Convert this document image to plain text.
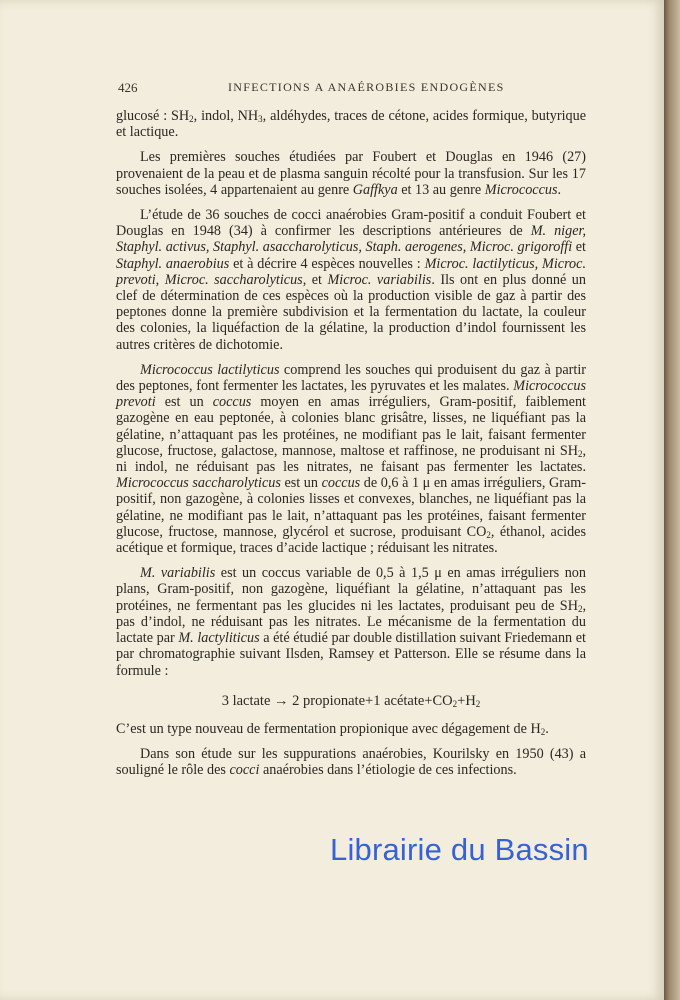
426	INFECTIONS A ANAÉROBIES ENDOGÈNES

glucosé : $SH_2$, indol, $NH_3$, aldéhydes, traces de cétone, acides formique, butyrique et lactique.

Les premières souches étudiées par Foubert et Douglas en 1946 (27) provenaient de la peau et de plasma sanguin récolté pour la transfusion. Sur les 17 souches isolées, 4 appartenaient au genre Gaffkya et 13 au genre Micrococcus.

L’étude de 36 souches de cocci anaérobies Gram-positif a conduit Foubert et Douglas en 1948 (34) à confirmer les descriptions antérieures de M. niger, Staphyl. activus, Staphyl. asaccharolyticus, Staph. aerogenes, Microc. grigoroffi et Staphyl. anaerobius et à décrire 4 espèces nouvelles : Microc. lactilyticus, Microc. prevoti, Microc. saccharolyticus, et Microc. variabilis. Ils ont en plus donné un clef de détermination de ces espèces où la production visible de gaz à partir des peptones donne la première subdivision et la fermentation du lactate, la couleur des colonies, la liquéfaction de la gélatine, la production d’indol fournissent les autres critères de dichotomie.

Micrococcus lactilyticus comprend les souches qui produisent du gaz à partir des peptones, font fermenter les lactates, les pyruvates et les malates. Micrococcus prevoti est un coccus moyen en amas irréguliers, Gram-positif, faiblement gazogène en eau peptonée, à colonies blanc grisâtre, lisses, ne liquéfiant pas la gélatine, n’attaquant pas les protéines, ne modifiant pas le lait, faisant fermenter glucose, fructose, galactose, mannose, maltose et raffinose, ne produisant ni $SH_2$, ni indol, ne réduisant pas les nitrates, ne faisant pas fermenter les lactates. Micrococcus saccharolyticus est un coccus de 0,6 à 1 μ en amas irréguliers, Gram-positif, non gazogène, à colonies lisses et convexes, blanches, ne liquéfiant pas la gélatine, ne modifiant pas le lait, n’attaquant pas les protéines, faisant fermenter glucose, fructose, mannose, glycérol et sucrose, produisant $CO_2$, éthanol, acides acétique et formique, traces d’acide lactique ; réduisant les nitrates.

M. variabilis est un coccus variable de 0,5 à 1,5 μ en amas irréguliers non plans, Gram-positif, non gazogène, liquéfiant la gélatine, n’attaquant pas les protéines, ne fermentant pas les glucides ni les lactates, produisant peu de $SH_2$, pas d’indol, ne réduisant pas les nitrates. Le mécanisme de la fermentation du lactate par M. lactyliticus a été étudié par double distillation suivant Friedemann et par chromatographie suivant Ilsden, Ramsey et Patterson. Elle se résume dans la formule :

3 lactate → 2 propionate+1 $acétate+CO_2+H_2$

C’est un type nouveau de fermentation propionique avec dégagement de $H_2$.

Dans son étude sur les suppurations anaérobies, Kourilsky en 1950 (43) a souligné le rôle des cocci anaérobies dans l’étiologie de ces infections.

Librairie du Bassin
